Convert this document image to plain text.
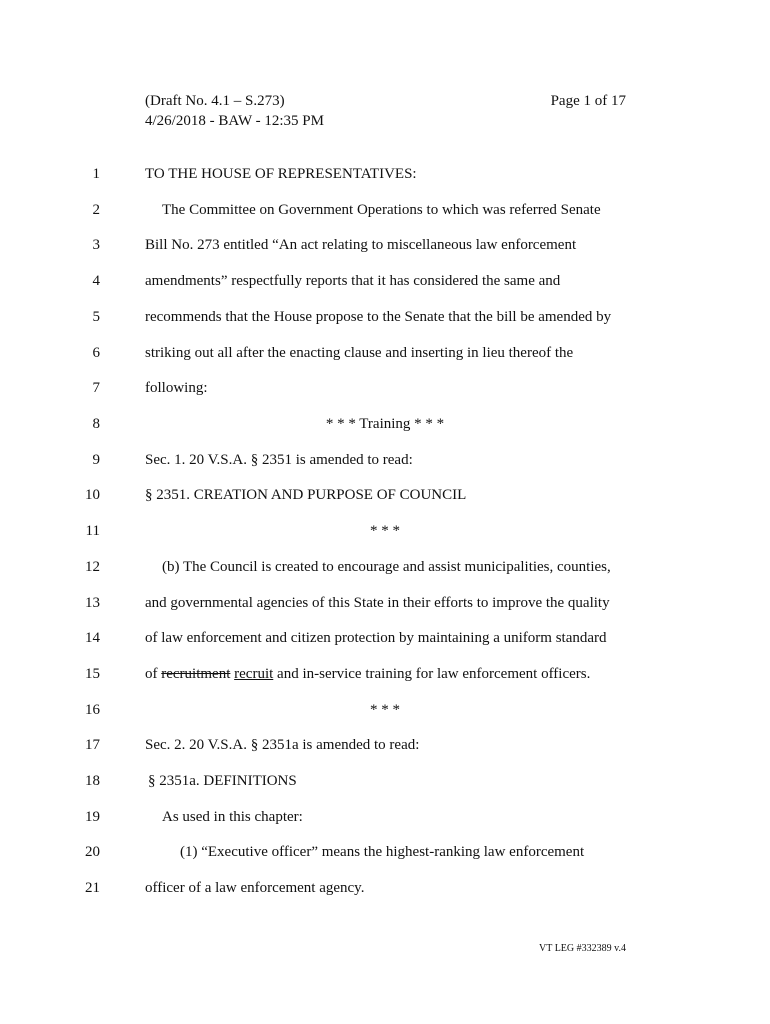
(Draft No. 4.1 – S.273)
4/26/2018 - BAW - 12:35 PM
Page 1 of 17
1	TO THE HOUSE OF REPRESENTATIVES:
2	The Committee on Government Operations to which was referred Senate
3	Bill No. 273 entitled “An act relating to miscellaneous law enforcement
4	amendments” respectfully reports that it has considered the same and
5	recommends that the House propose to the Senate that the bill be amended by
6	striking out all after the enacting clause and inserting in lieu thereof the
7	following:
8	* * * Training * * *
9	Sec. 1. 20 V.S.A. § 2351 is amended to read:
10	§ 2351. CREATION AND PURPOSE OF COUNCIL
11	* * *
12	(b) The Council is created to encourage and assist municipalities, counties,
13	and governmental agencies of this State in their efforts to improve the quality
14	of law enforcement and citizen protection by maintaining a uniform standard
15	of recruitment recruit and in-service training for law enforcement officers.
16	* * *
17	Sec. 2. 20 V.S.A. § 2351a is amended to read:
18	§ 2351a. DEFINITIONS
19	As used in this chapter:
20	(1) “Executive officer” means the highest-ranking law enforcement
21	officer of a law enforcement agency.
VT LEG #332389 v.4
